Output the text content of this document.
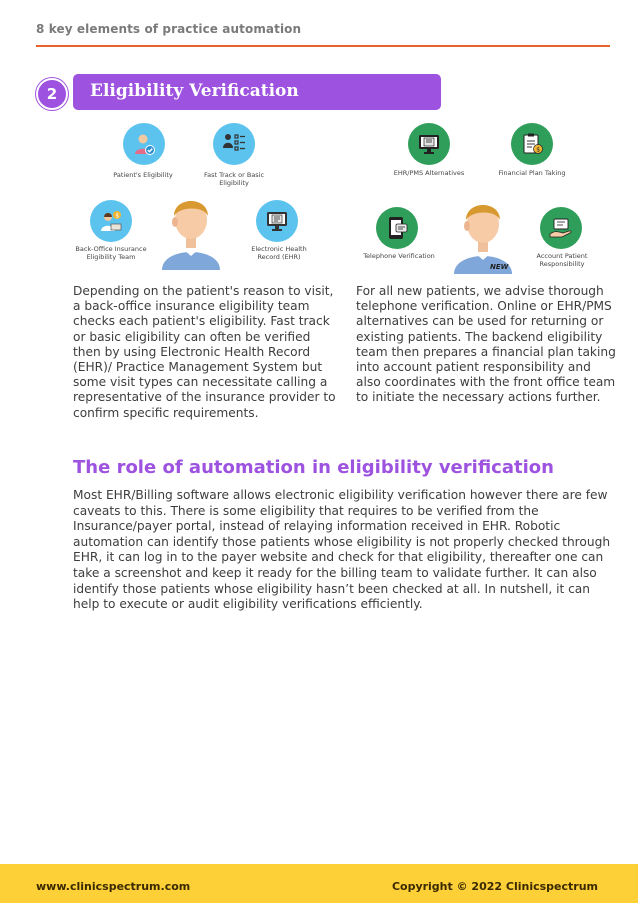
8 key elements of practice automation
Eligibility Verification
2
Patient's Eligibility	Fast Track or Basic Eligibility
$
Back-Office Insurance Eligibility Team
Electronic Health Record (EHR)
EHR/PMS Alternatives
$
Financial Plan Taking
Telephone Verification	Account Patient Responsibility
NEW

Depending on the patient's reason to visit, a back-office insurance eligibility team checks each patient's eligibility. Fast track or basic eligibility can often be verified then by using Electronic Health Record (EHR)/ Practice Management System but some visit types can necessitate calling a representative of the insurance provider to confirm specific requirements.

For all new patients, we advise thorough telephone verification. Online or EHR/PMS alternatives can be used for returning or existing patients. The backend eligibility team then prepares a financial plan taking into account patient responsibility and also coordinates with the front office team to initiate the necessary actions further.

The role of automation in eligibility verification

Most EHR/Billing software allows electronic eligibility verification however there are few caveats to this. There is some eligibility that requires to be verified from the Insurance/payer portal, instead of relaying information received in EHR. Robotic automation can identify those patients whose eligibility is not properly checked through EHR, it can log in to the payer website and check for that eligibility, thereafter one can take a screenshot and keep it ready for the billing team to validate further. It can also identify those patients whose eligibility hasn’t been checked at all. In nutshell, it can help to execute or audit eligibility verifications efficiently.

www.clinicspectrum.com	Copyright © 2022 Clinicspectrum
